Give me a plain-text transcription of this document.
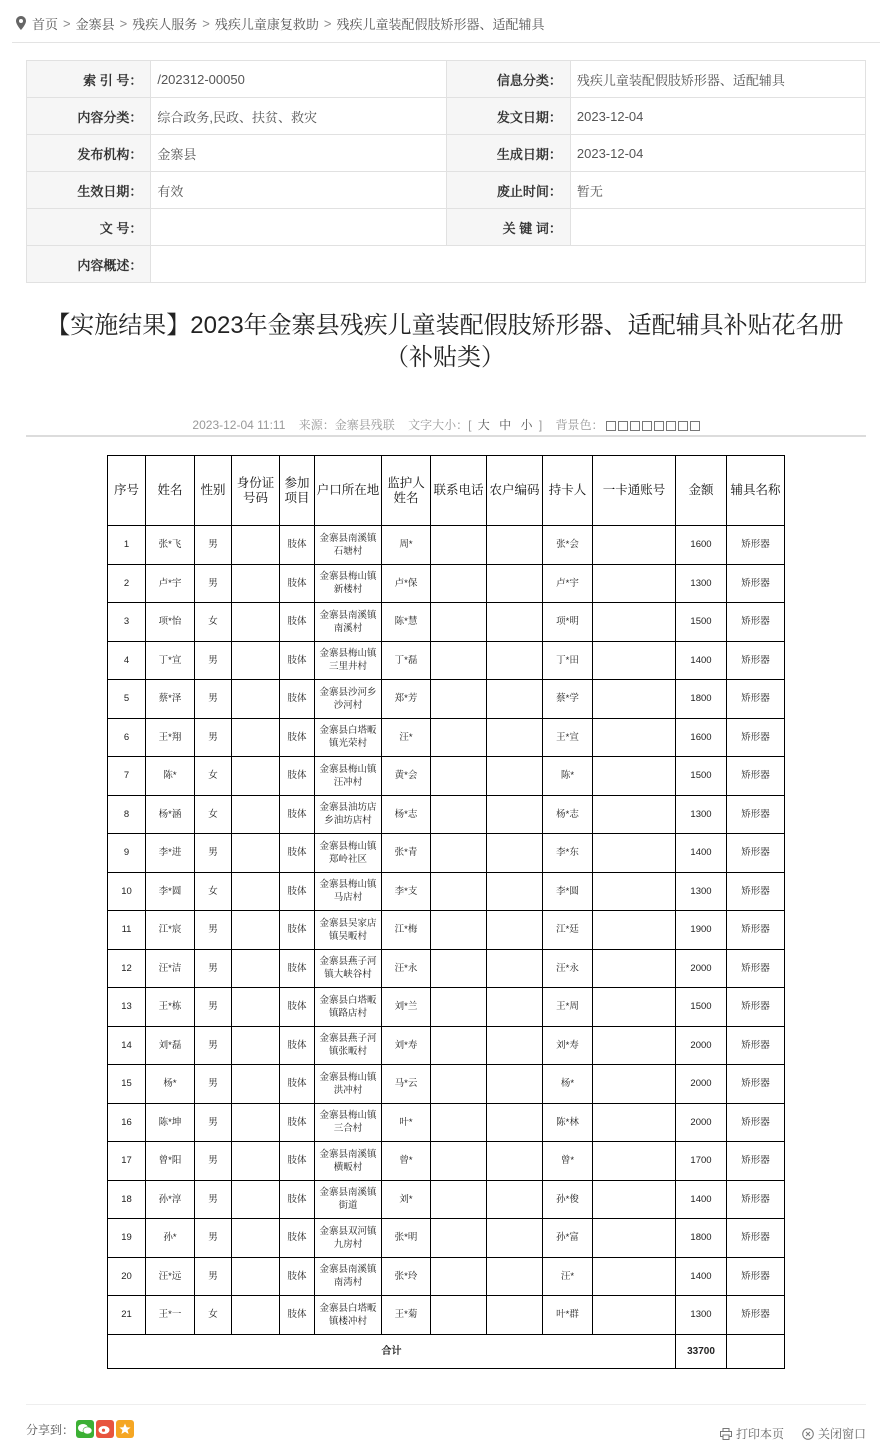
首页 > 金寨县 > 残疾人服务 > 残疾儿童康复救助 > 残疾儿童装配假肢矫形器、适配辅具
索 引 号：	/202312-00050	信息分类：	残疾儿童装配假肢矫形器、适配辅具
内容分类：	综合政务,民政、扶贫、救灾	发文日期：	2023-12-04
发布机构：	金寨县	生成日期：	2023-12-04
生效日期：	有效	废止时间：	暂无
文 号：		关 键 词：	
内容概述：			
【实施结果】2023年金寨县残疾儿童装配假肢矫形器、适配辅具补贴花名册（补贴类）
2023-12-04 11:11 来源：金寨县残联 文字大小：[ 大 中 小 ] 背景色：
序号	姓名	性别	身份证号码	参加项目	户口所在地	监护人姓名	联系电话	农户编码	持卡人	一卡通账号	金额	辅具名称
1	张*飞	男		肢体	金寨县南溪镇石塘村	周*			张*会		1600	矫形器
2	卢*宇	男		肢体	金寨县梅山镇新楼村	卢*保			卢*宇		1300	矫形器
3	项*怡	女		肢体	金寨县南溪镇南溪村	陈*慧			项*明		1500	矫形器
4	丁*宣	男		肢体	金寨县梅山镇三里井村	丁*磊			丁*田		1400	矫形器
5	蔡*泽	男		肢体	金寨县沙河乡沙河村	郑*芳			蔡*学		1800	矫形器
6	王*翔	男		肢体	金寨县白塔畈镇光荣村	汪*			王*宣		1600	矫形器
7	陈*	女		肢体	金寨县梅山镇汪冲村	黄*会			陈*		1500	矫形器
8	杨*涵	女		肢体	金寨县油坊店乡油坊店村	杨*志			杨*志		1300	矫形器
9	李*进	男		肢体	金寨县梅山镇郑岭社区	张*青			李*东		1400	矫形器
10	李*圆	女		肢体	金寨县梅山镇马店村	李*支			李*圆		1300	矫形器
11	江*宸	男		肢体	金寨县吴家店镇吴畈村	江*梅			江*廷		1900	矫形器
12	汪*洁	男		肢体	金寨县燕子河镇大峡谷村	汪*永			汪*永		2000	矫形器
13	王*栋	男		肢体	金寨县白塔畈镇路店村	刘*兰			王*周		1500	矫形器
14	刘*磊	男		肢体	金寨县燕子河镇张畈村	刘*寿			刘*寿		2000	矫形器
15	杨*	男		肢体	金寨县梅山镇洪冲村	马*云			杨*		2000	矫形器
16	陈*坤	男		肢体	金寨县梅山镇三合村	叶*			陈*林		2000	矫形器
17	曾*阳	男		肢体	金寨县南溪镇横畈村	曾*			曾*		1700	矫形器
18	孙*淳	男		肢体	金寨县南溪镇街道	刘*			孙*俊		1400	矫形器
19	孙*	男		肢体	金寨县双河镇九房村	张*明			孙*富		1800	矫形器
20	汪*远	男		肢体	金寨县南溪镇南湾村	张*玲			汪*		1400	矫形器
21	王*一	女		肢体	金寨县白塔畈镇楼冲村	王*菊			叶*群		1300	矫形器
合计											33700	
分享到：	打印本页	关闭窗口
